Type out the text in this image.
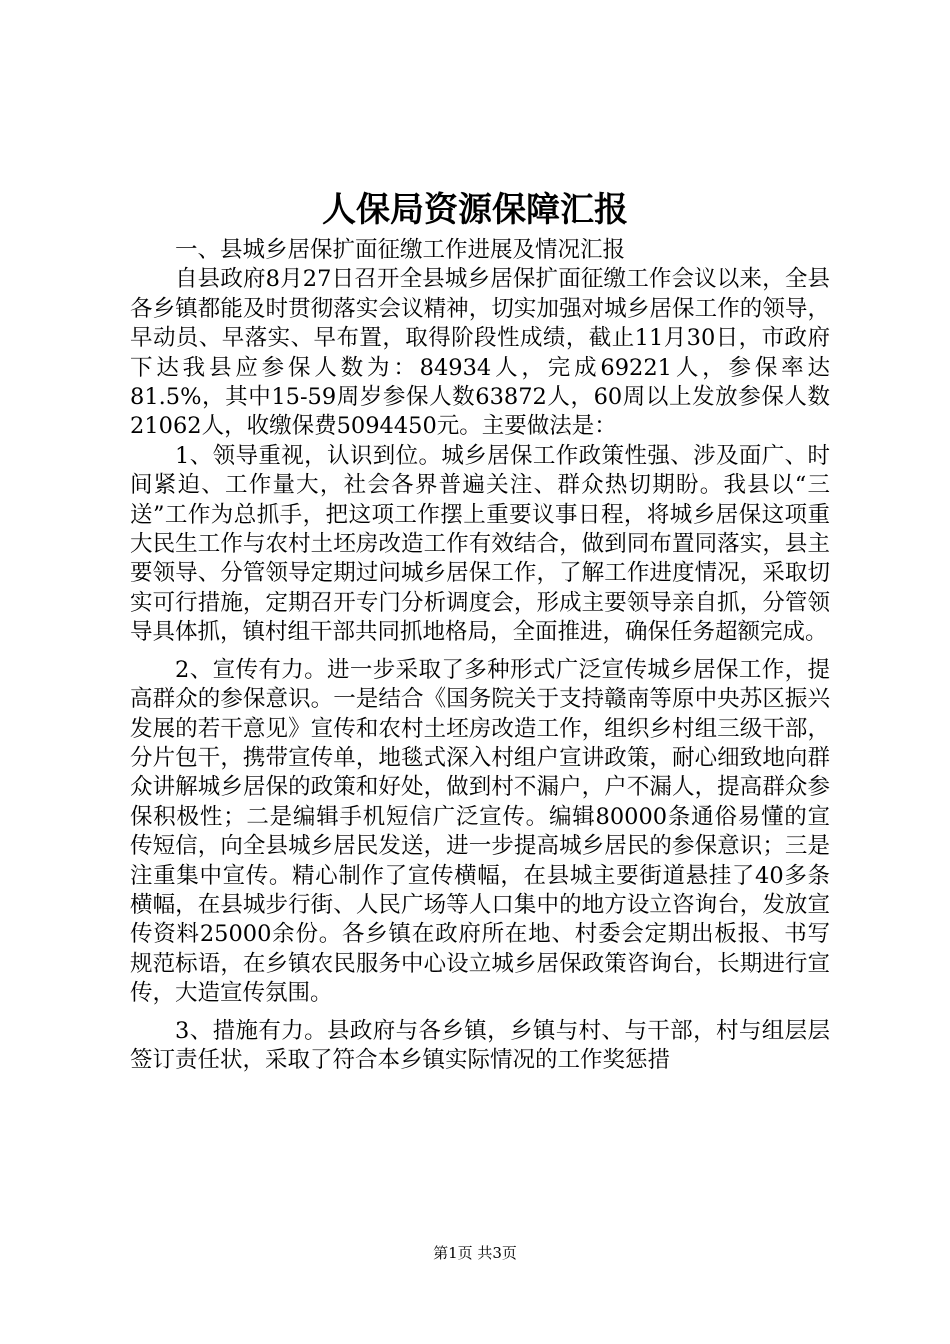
人保局资源保障汇报

一、县城乡居保扩面征缴工作进展及情况汇报

自县政府8月27日召开全县城乡居保扩面征缴工作会议以来，全县各乡镇都能及时贯彻落实会议精神，切实加强对城乡居保工作的领导，早动员、早落实、早布置，取得阶段性成绩，截止11月30日，市政府下达我县应参保人数为：84934人，完成69221人，参保率达81.5%，其中15-59周岁参保人数63872人，60周以上发放参保人数21062人，收缴保费5094450元。主要做法是：

1、领导重视，认识到位。城乡居保工作政策性强、涉及面广、时间紧迫、工作量大，社会各界普遍关注、群众热切期盼。我县以“三送”工作为总抓手，把这项工作摆上重要议事日程，将城乡居保这项重大民生工作与农村土坯房改造工作有效结合，做到同布置同落实，县主要领导、分管领导定期过问城乡居保工作，了解工作进度情况，采取切实可行措施，定期召开专门分析调度会，形成主要领导亲自抓，分管领导具体抓，镇村组干部共同抓地格局，全面推进，确保任务超额完成。

2、宣传有力。进一步采取了多种形式广泛宣传城乡居保工作，提高群众的参保意识。一是结合《国务院关于支持赣南等原中央苏区振兴发展的若干意见》宣传和农村土坯房改造工作，组织乡村组三级干部，分片包干，携带宣传单，地毯式深入村组户宣讲政策，耐心细致地向群众讲解城乡居保的政策和好处，做到村不漏户，户不漏人，提高群众参保积极性；二是编辑手机短信广泛宣传。编辑80000条通俗易懂的宣传短信，向全县城乡居民发送，进一步提高城乡居民的参保意识；三是注重集中宣传。精心制作了宣传横幅，在县城主要街道悬挂了40多条横幅，在县城步行街、人民广场等人口集中的地方设立咨询台，发放宣传资料25000余份。各乡镇在政府所在地、村委会定期出板报、书写规范标语，在乡镇农民服务中心设立城乡居保政策咨询台，长期进行宣传，大造宣传氛围。

3、措施有力。县政府与各乡镇，乡镇与村、与干部，村与组层层签订责任状，采取了符合本乡镇实际情况的工作奖惩措

第1页 共3页
